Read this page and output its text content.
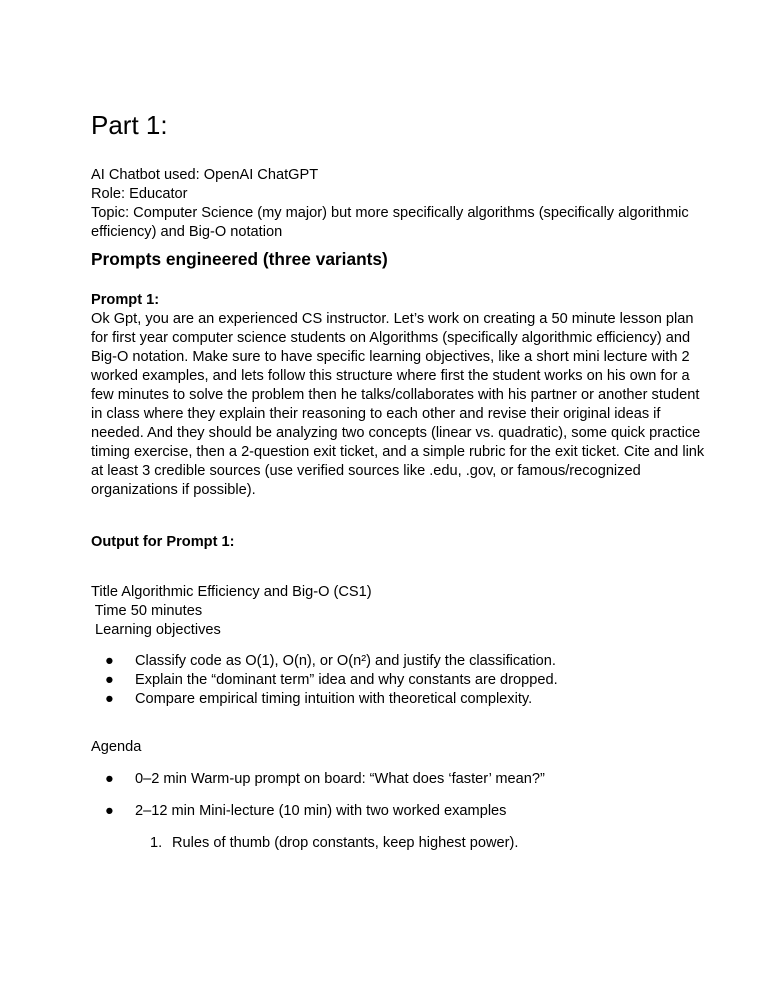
Part 1:
AI Chatbot used: OpenAI ChatGPT
Role: Educator
Topic: Computer Science (my major) but more specifically algorithms (specifically algorithmic
efficiency) and Big-O notation
Prompts engineered (three variants)
Prompt 1:
Ok Gpt, you are an experienced CS instructor. Let’s work on creating a 50 minute lesson plan
for first year computer science students on Algorithms (specifically algorithmic efficiency) and
Big-O notation. Make sure to have specific learning objectives, like a short mini lecture with 2
worked examples, and lets follow this structure where first the student works on his own for a
few minutes to solve the problem then he talks/collaborates with his partner or another student
in class where they explain their reasoning to each other and revise their original ideas if
needed. And they should be analyzing two concepts (linear vs. quadratic), some quick practice
timing exercise, then a 2-question exit ticket, and a simple rubric for the exit ticket. Cite and link
at least 3 credible sources (use verified sources like .edu, .gov, or famous/recognized
organizations if possible).
Output for Prompt 1:
Title Algorithmic Efficiency and Big-O (CS1)
Time 50 minutes
Learning objectives
● Classify code as O(1), O(n), or O(n²) and justify the classification.
● Explain the “dominant term” idea and why constants are dropped.
● Compare empirical timing intuition with theoretical complexity.
Agenda
● 0–2 min Warm-up prompt on board: “What does ‘faster’ mean?”
● 2–12 min Mini-lecture (10 min) with two worked examples
1. Rules of thumb (drop constants, keep highest power).
